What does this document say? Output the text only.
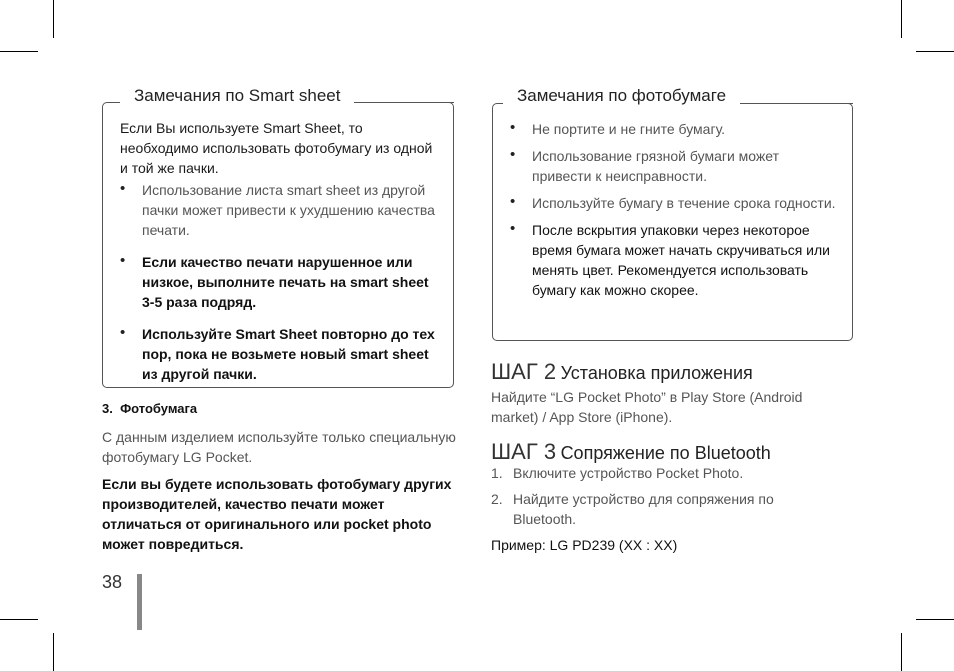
Замечания по Smart sheet

Если Вы используете Smart Sheet, то необходимо использовать фотобумагу из одной и той же пачки.

• Использование листа smart sheet из другой пачки может привести к ухудшению качества печати.
• Если качество печати нарушенное или низкое, выполните печать на smart sheet 3-5 раза подряд.
• Используйте Smart Sheet повторно до тех пор, пока не возьмете новый smart sheet из другой пачки.

3. Фотобумага

С данным изделием используйте только специальную фотобумагу LG Pocket.

Если вы будете использовать фотобумагу других производителей, качество печати может отличаться от оригинального или pocket photo может повредиться.

38
Замечания по фотобумаге
• Не портите и не гните бумагу.
• Использование грязной бумаги может привести к неисправности.
• Используйте бумагу в течение срока годности.
• После вскрытия упаковки через некоторое время бумага может начать скручиваться или менять цвет. Рекомендуется использовать бумагу как можно скорее.
ШАГ 2 Установка приложения

Найдите “LG Pocket Photo” в Play Store (Android market) / App Store (iPhone).

ШАГ 3 Сопряжение по Bluetooth
1. Включите устройство Pocket Photo.
2. Найдите устройство для сопряжения по Bluetooth.

Пример: LG PD239 (XX : XX)
